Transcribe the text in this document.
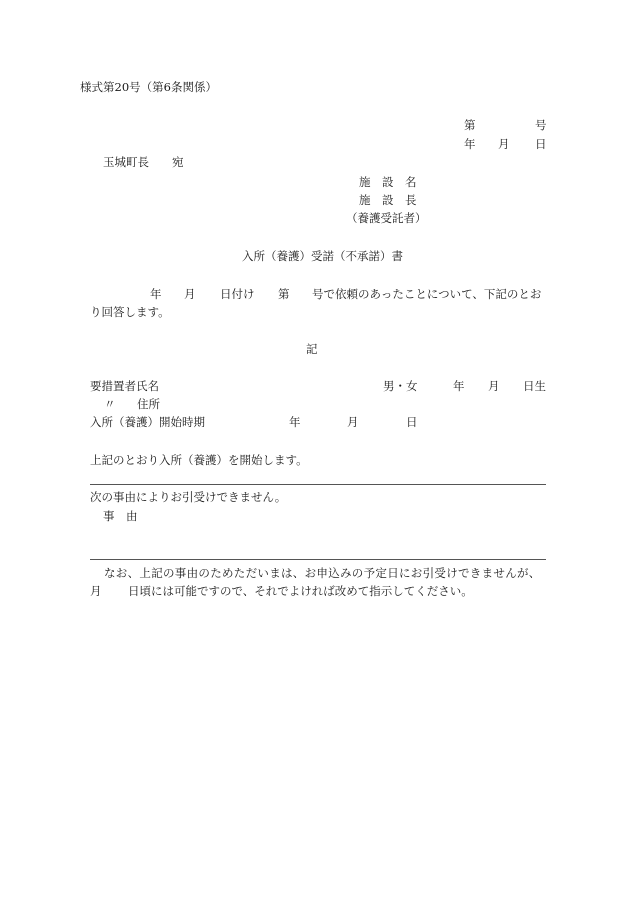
様式第20号（第6条関係）
第	号
年 月 日
玉城町長 宛
施　設　名
施　設　長
（養護受託者）
入所（養護）受諾（不承諾）書
年 月 日付け 第 号で依頼のあったことについて、下記のとお
り回答します。
記
要措置者氏名	男・女	年 月 日生
〃 住所
入所（養護）開始時期	年	月	日
上記のとおり入所（養護）を開始します。
次の事由によりお引受けできません。
事　由
なお、上記の事由のためただいまは、お申込みの予定日にお引受けできませんが、
月 日頃には可能ですので、それでよければ改めて指示してください。
